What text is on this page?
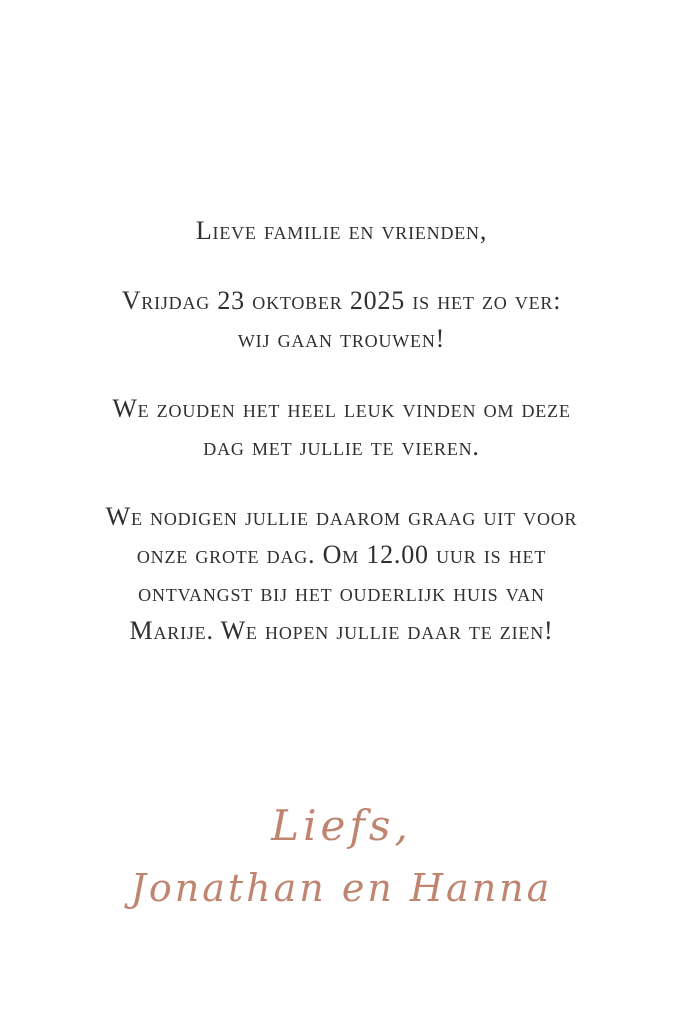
Lieve familie en vrienden,
Vrijdag 23 oktober 2025 is het zo ver:
wij gaan trouwen!
We zouden het heel leuk vinden om deze
dag met jullie te vieren.
We nodigen jullie daarom graag uit voor
onze grote dag. Om 12.00 uur is het
ontvangst bij het ouderlijk huis van
Marije. We hopen jullie daar te zien!
Liefs,
Jonathan en Hanna
